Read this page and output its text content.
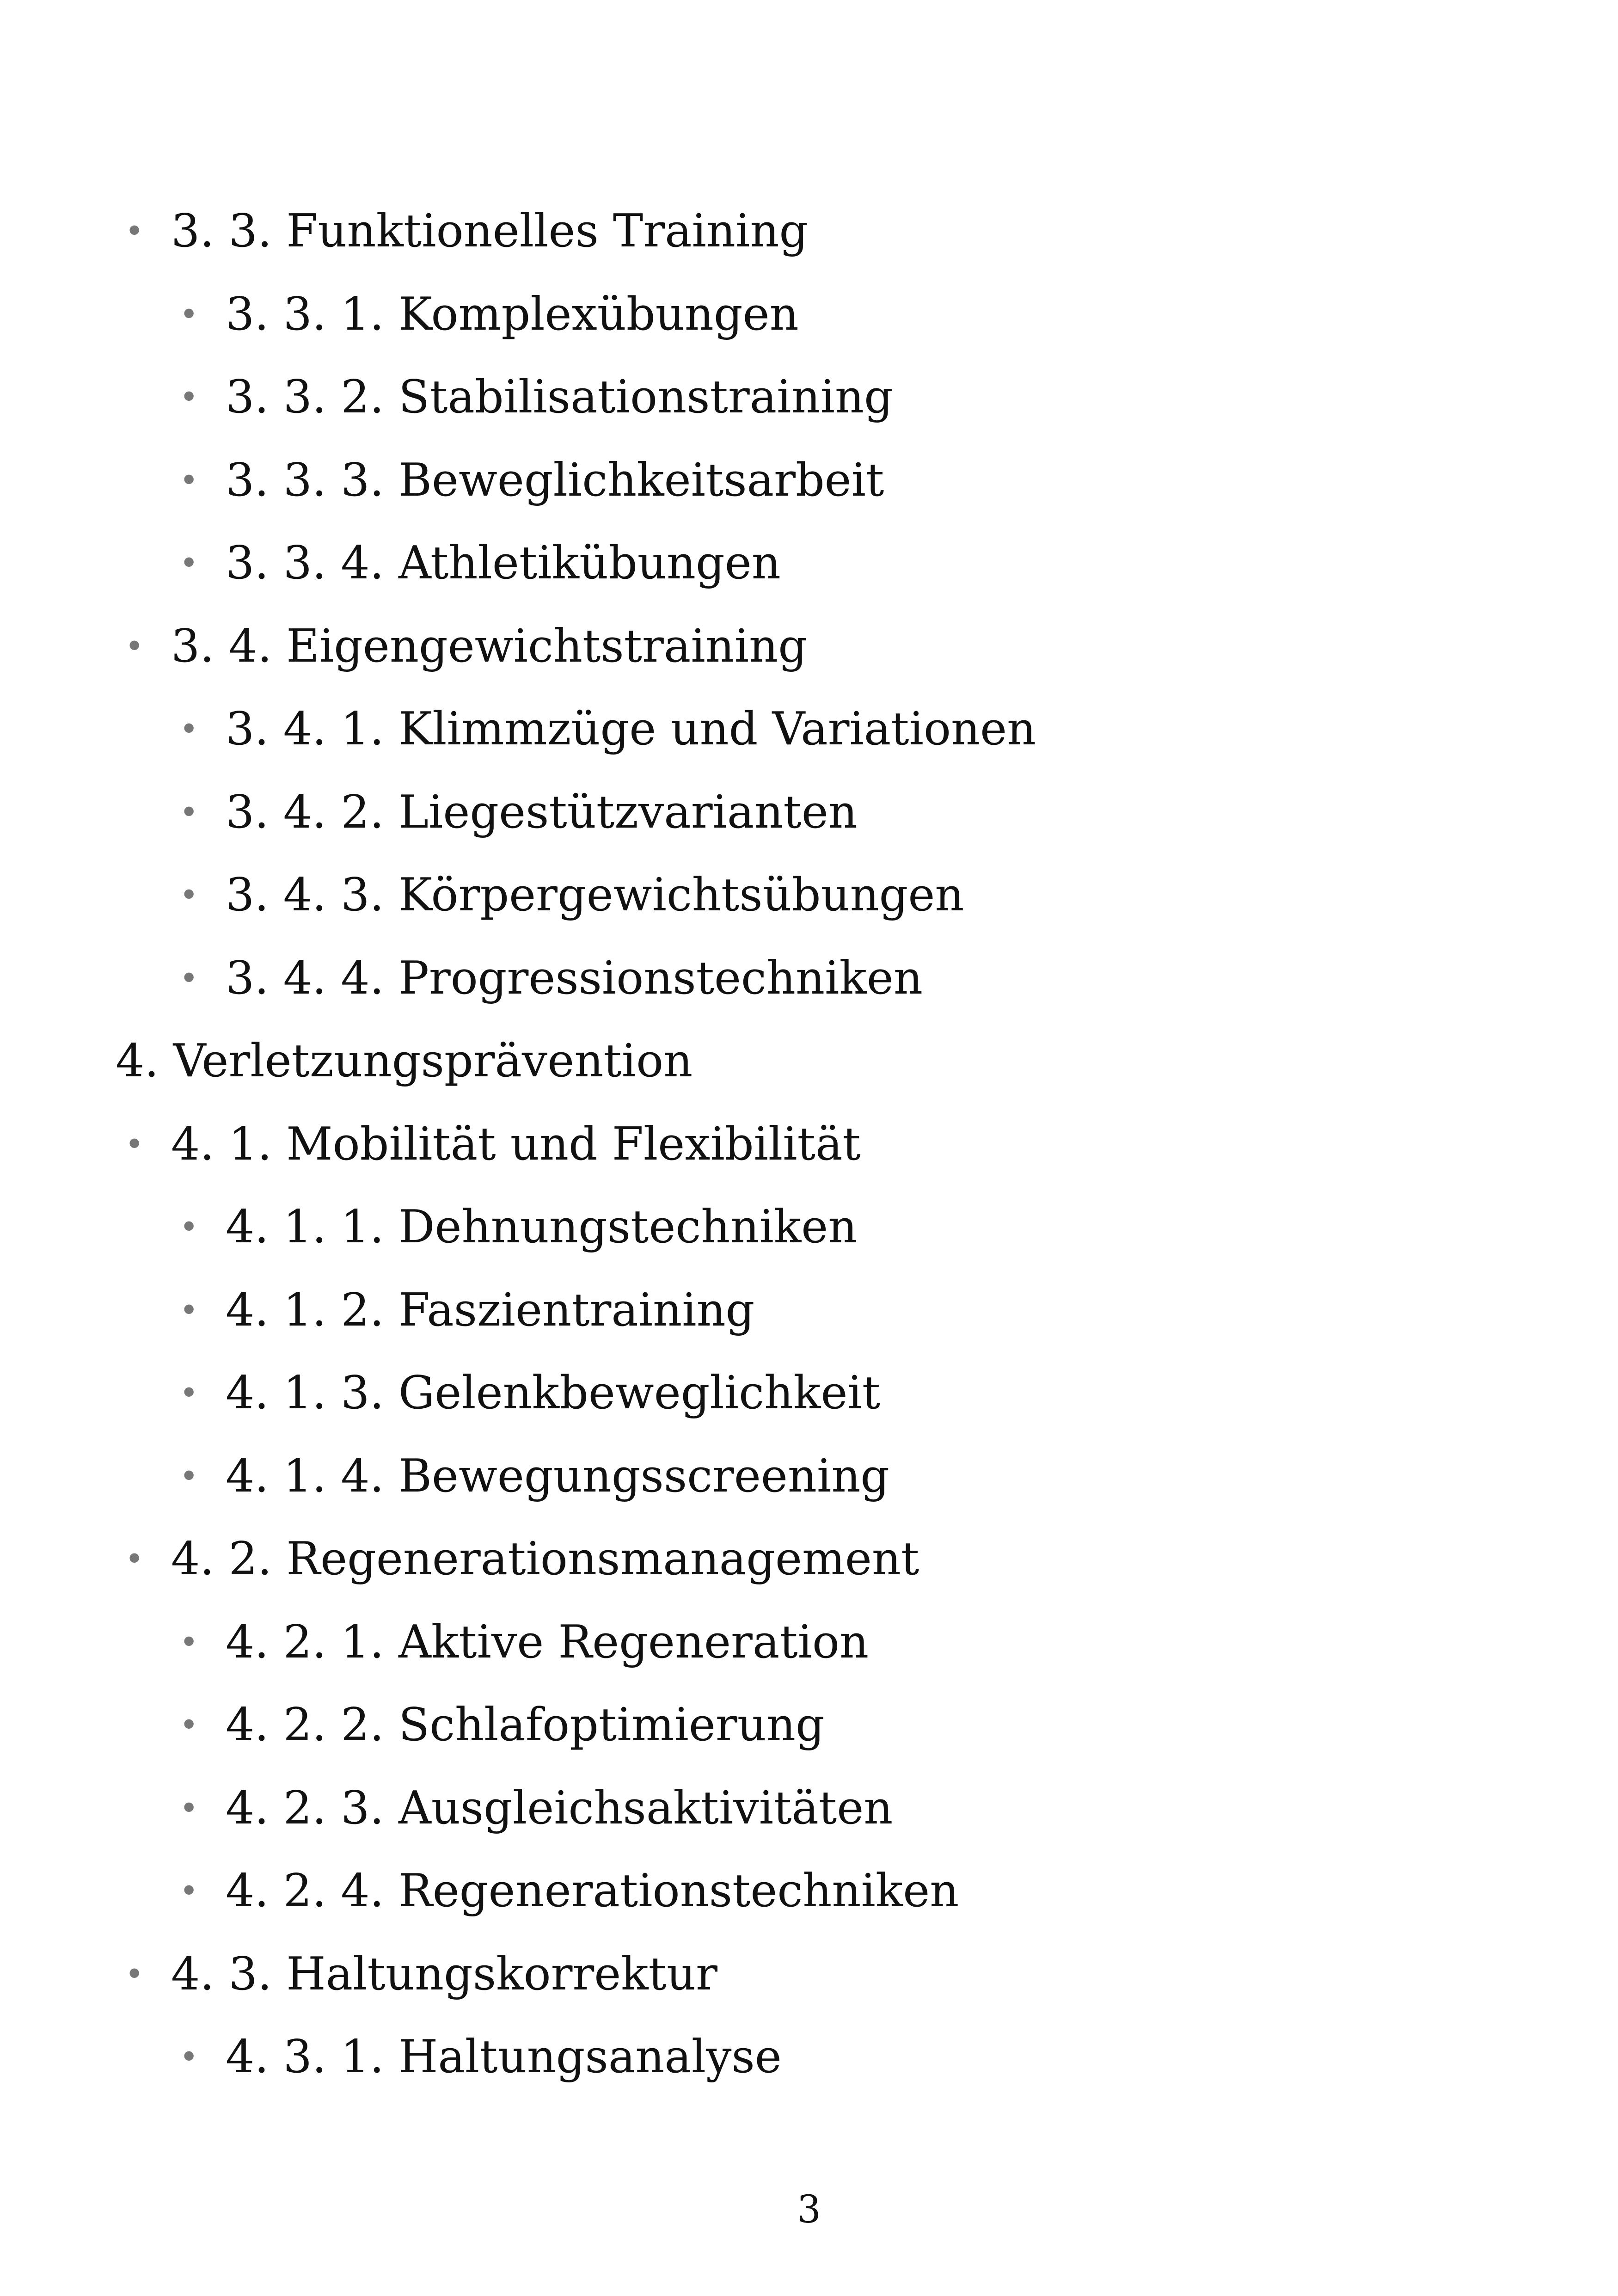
• 3. 3. Funktionelles Training
• 3. 3. 1. Komplexübungen
• 3. 3. 2. Stabilisationstraining
• 3. 3. 3. Beweglichkeitsarbeit
• 3. 3. 4. Athletikübungen
• 3. 4. Eigengewichtstraining
• 3. 4. 1. Klimmzüge und Variationen
• 3. 4. 2. Liegestützvarianten
• 3. 4. 3. Körpergewichtsübungen
• 3. 4. 4. Progressionstechniken
4. Verletzungsprävention
• 4. 1. Mobilität und Flexibilität
• 4. 1. 1. Dehnungstechniken
• 4. 1. 2. Faszientraining
• 4. 1. 3. Gelenkbeweglichkeit
• 4. 1. 4. Bewegungsscreening
• 4. 2. Regenerationsmanagement
• 4. 2. 1. Aktive Regeneration
• 4. 2. 2. Schlafoptimierung
• 4. 2. 3. Ausgleichsaktivitäten
• 4. 2. 4. Regenerationstechniken
• 4. 3. Haltungskorrektur
• 4. 3. 1. Haltungsanalyse
3
